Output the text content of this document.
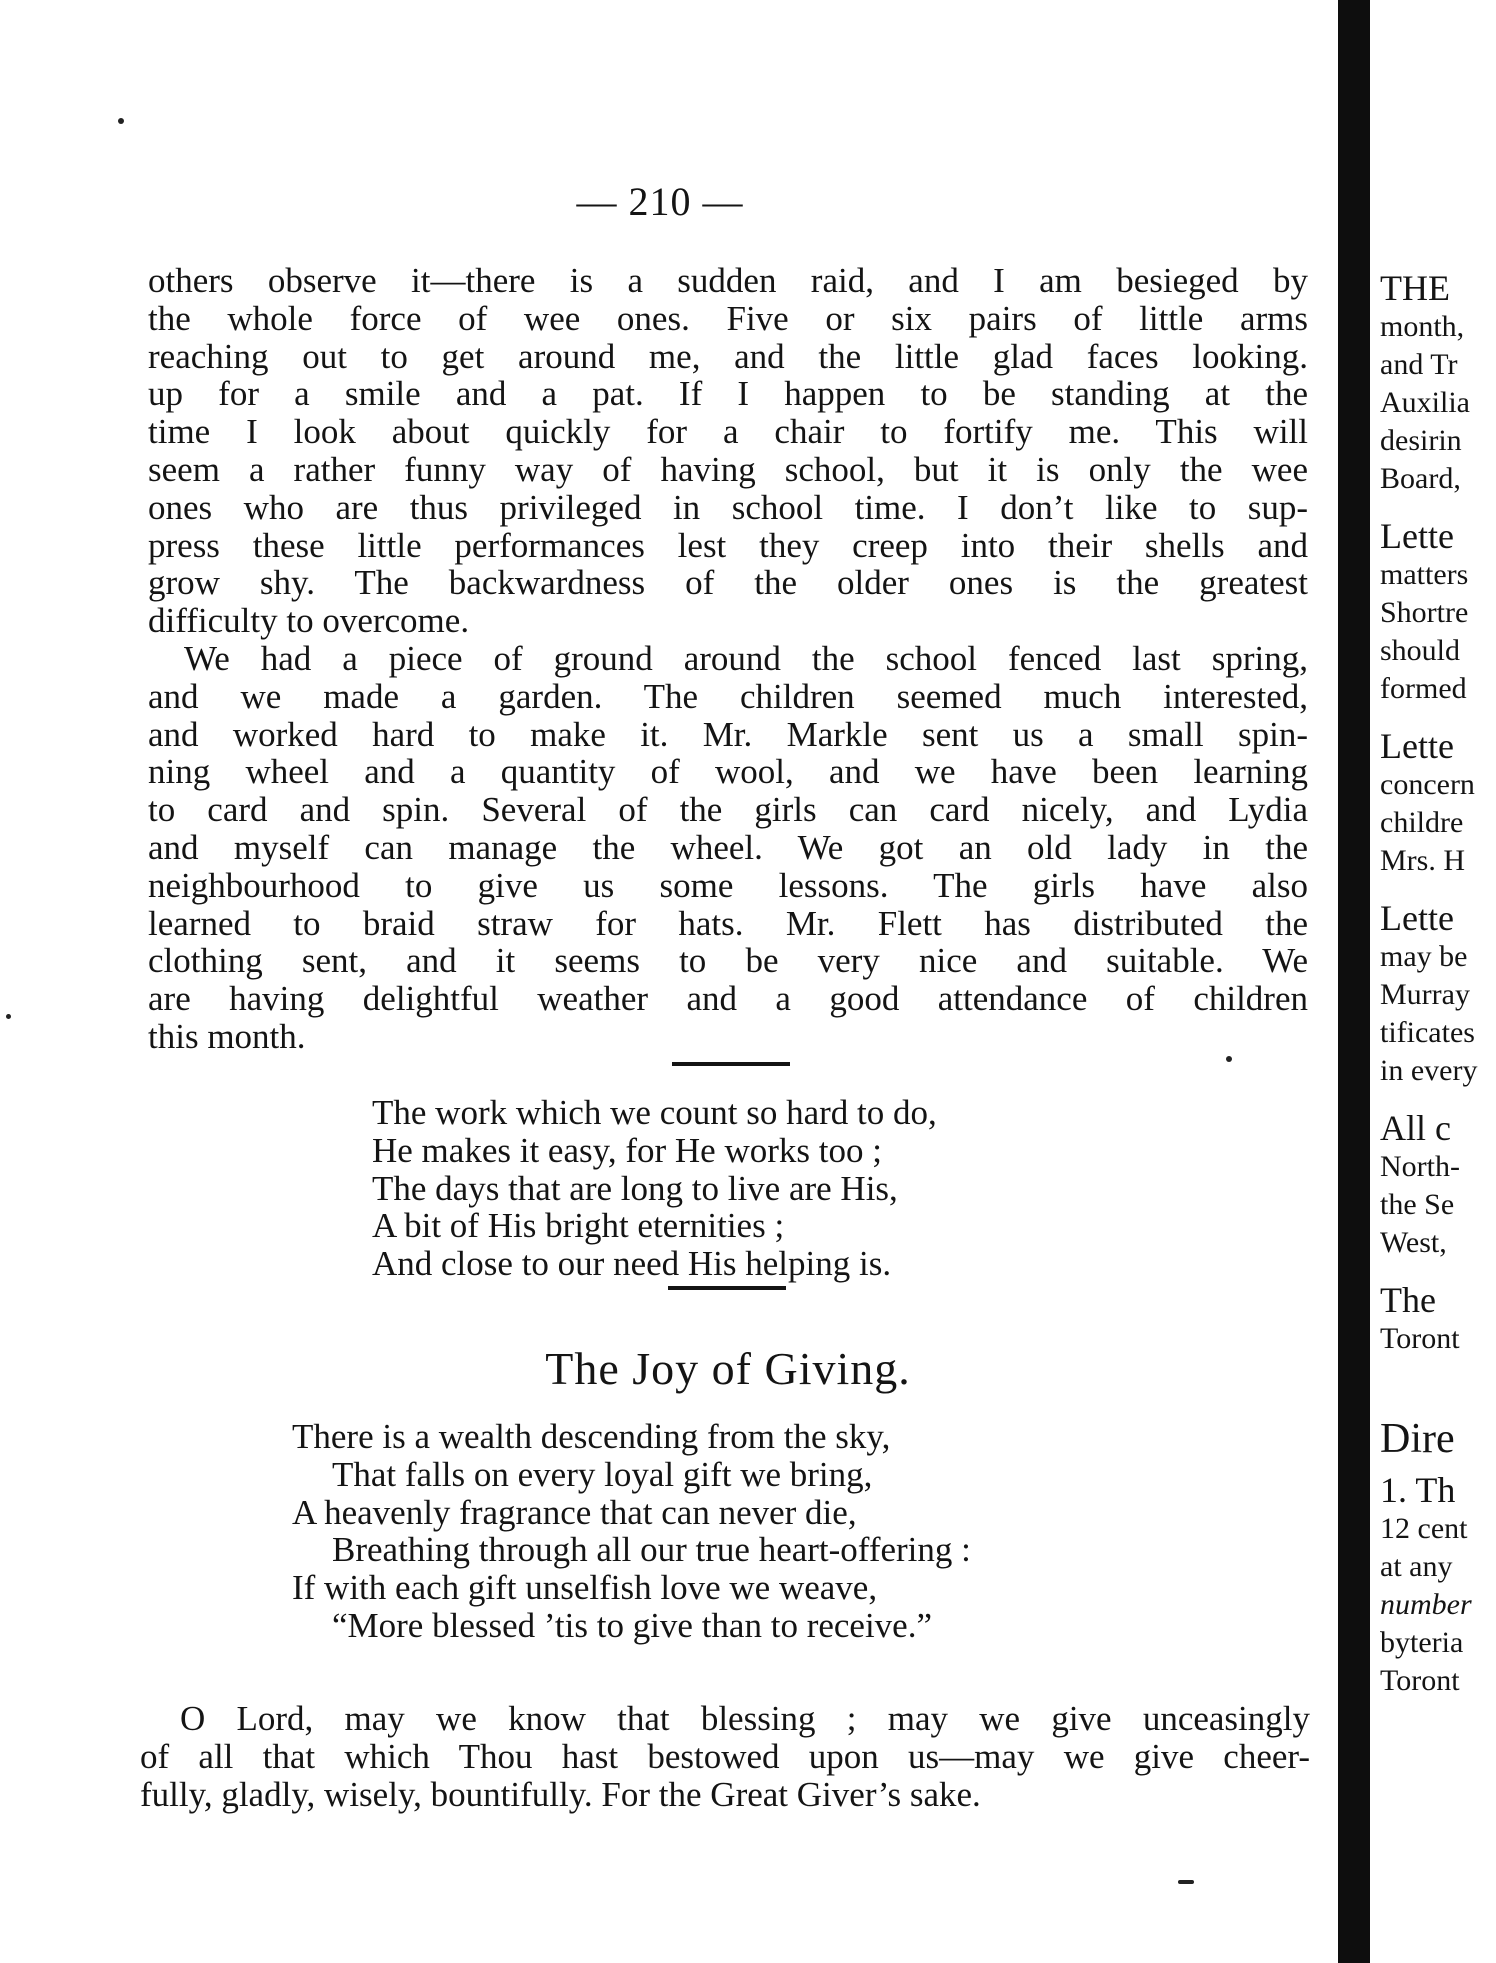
— 210 —
others observe it—there is a sudden raid, and I am besieged by
the whole force of wee ones. Five or six pairs of little arms
reaching out to get around me, and the little glad faces looking.
up for a smile and a pat. If I happen to be standing at the
time I look about quickly for a chair to fortify me. This will
seem a rather funny way of having school, but it is only the wee
ones who are thus privileged in school time. I don’t like to sup-
press these little performances lest they creep into their shells and
grow shy. The backwardness of the older ones is the greatest
difficulty to overcome.
We had a piece of ground around the school fenced last spring,
and we made a garden. The children seemed much interested,
and worked hard to make it. Mr. Markle sent us a small spin-
ning wheel and a quantity of wool, and we have been learning
to card and spin. Several of the girls can card nicely, and Lydia
and myself can manage the wheel. We got an old lady in the
neighbourhood to give us some lessons. The girls have also
learned to braid straw for hats. Mr. Flett has distributed the
clothing sent, and it seems to be very nice and suitable. We
are having delightful weather and a good attendance of children
this month.
The work which we count so hard to do,
He makes it easy, for He works too ;
The days that are long to live are His,
A bit of His bright eternities ;
And close to our need His helping is.
The Joy of Giving.
There is a wealth descending from the sky,
That falls on every loyal gift we bring,
A heavenly fragrance that can never die,
Breathing through all our true heart-offering :
If with each gift unselfish love we weave,
“More blessed ’tis to give than to receive.”
O Lord, may we know that blessing ; may we give unceasingly
of all that which Thou hast bestowed upon us—may we give cheer-
fully, gladly, wisely, bountifully. For the Great Giver’s sake.
THE
month,
and Tr
Auxilia
desirin
Board,
Lette
matters
Shortre
should
formed
Lette
concern
childre
Mrs. H
Lette
may be
Murray
tificates
in every
All c
North-
the Se
West,
The
Toront
Dire
1. Th
12 cent
at any
number
byteria
Toront
